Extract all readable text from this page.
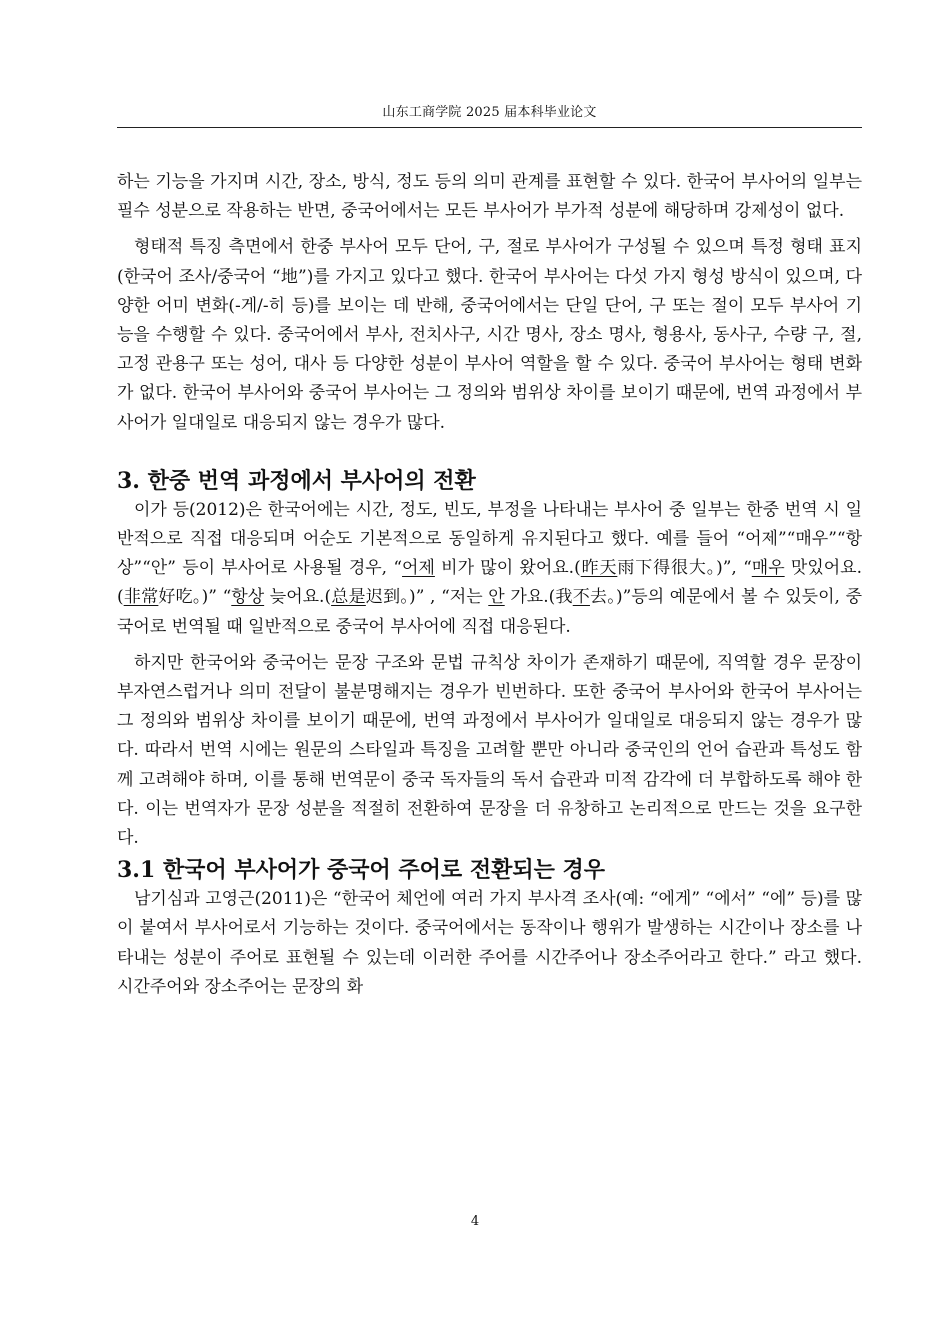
山东工商学院 2025 届本科毕业论文

하는 기능을 가지며 시간, 장소, 방식, 정도 등의 의미 관계를 표현할 수 있다. 한국어 부사어의 일부는 필수 성분으로 작용하는 반면, 중국어에서는 모든 부사어가 부가적 성분에 해당하며 강제성이 없다.

형태적 특징 측면에서 한중 부사어 모두 단어, 구, 절로 부사어가 구성될 수 있으며 특정 형태 표지(한국어 조사/중국어 “地”)를 가지고 있다고 했다. 한국어 부사어는 다섯 가지 형성 방식이 있으며, 다양한 어미 변화(-게/-히 등)를 보이는 데 반해, 중국어에서는 단일 단어, 구 또는 절이 모두 부사어 기능을 수행할 수 있다. 중국어에서 부사, 전치사구, 시간 명사, 장소 명사, 형용사, 동사구, 수량 구, 절, 고정 관용구 또는 성어, 대사 등 다양한 성분이 부사어 역할을 할 수 있다. 중국어 부사어는 형태 변화가 없다. 한국어 부사어와 중국어 부사어는 그 정의와 범위상 차이를 보이기 때문에, 번역 과정에서 부사어가 일대일로 대응되지 않는 경우가 많다.

3. 한중 번역 과정에서 부사어의 전환

이가 등(2012)은 한국어에는 시간, 정도, 빈도, 부정을 나타내는 부사어 중 일부는 한중 번역 시 일반적으로 직접 대응되며 어순도 기본적으로 동일하게 유지된다고 했다. 예를 들어 “어제”“매우”“항상”“안” 등이 부사어로 사용될 경우, “어제 비가 많이 왔어요.(昨天雨下得很大。)”, “매우 맛있어요.(非常好吃。)” “항상 늦어요.(总是迟到。)” , “저는 안 가요.(我不去。)”등의 예문에서 볼 수 있듯이, 중국어로 번역될 때 일반적으로 중국어 부사어에 직접 대응된다.

하지만 한국어와 중국어는 문장 구조와 문법 규칙상 차이가 존재하기 때문에, 직역할 경우 문장이 부자연스럽거나 의미 전달이 불분명해지는 경우가 빈번하다. 또한 중국어 부사어와 한국어 부사어는 그 정의와 범위상 차이를 보이기 때문에, 번역 과정에서 부사어가 일대일로 대응되지 않는 경우가 많다. 따라서 번역 시에는 원문의 스타일과 특징을 고려할 뿐만 아니라 중국인의 언어 습관과 특성도 함께 고려해야 하며, 이를 통해 번역문이 중국 독자들의 독서 습관과 미적 감각에 더 부합하도록 해야 한다. 이는 번역자가 문장 성분을 적절히 전환하여 문장을 더 유창하고 논리적으로 만드는 것을 요구한다.

3.1 한국어 부사어가 중국어 주어로 전환되는 경우

남기심과 고영근(2011)은 “한국어 체언에 여러 가지 부사격 조사(예: “에게” “에서” “에” 등)를 많이 붙여서 부사어로서 기능하는 것이다. 중국어에서는 동작이나 행위가 발생하는 시간이나 장소를 나타내는 성분이 주어로 표현될 수 있는데 이러한 주어를 시간주어나 장소주어라고 한다.” 라고 했다. 시간주어와 장소주어는 문장의 화

4
